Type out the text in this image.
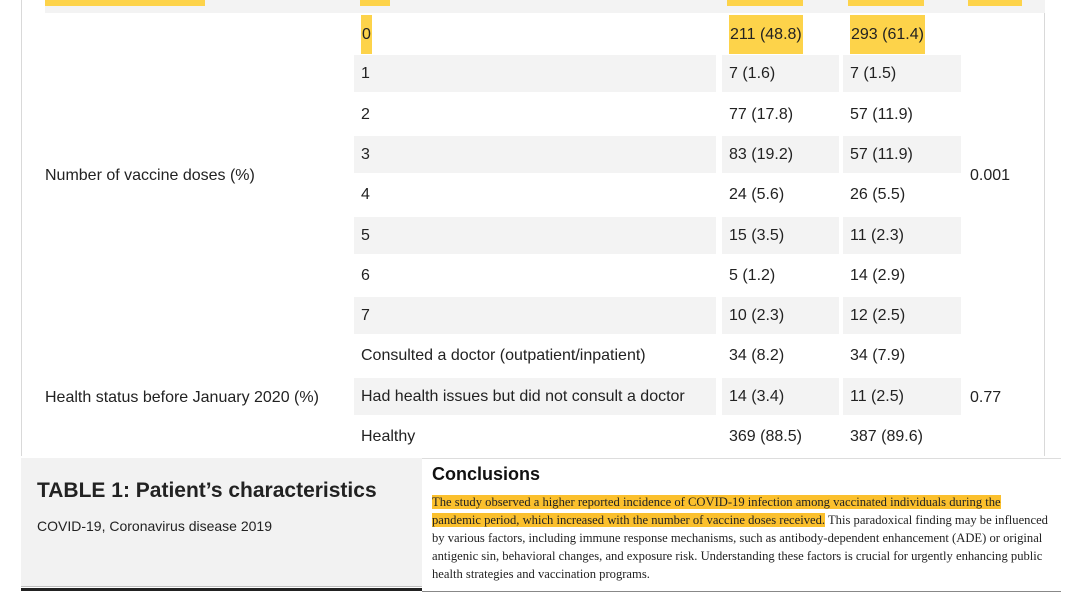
0	211 (48.8)	293 (61.4)
1	7 (1.6)	7 (1.5)
2	77 (17.8)	57 (11.9)
3	83 (19.2)	57 (11.9)
4	24 (5.6)	26 (5.5)
5	15 (3.5)	11 (2.3)
6	5 (1.2)	14 (2.9)
7	10 (2.3)	12 (2.5)
Number of vaccine doses (%)	0.001
Consulted a doctor (outpatient/inpatient)	34 (8.2)	34 (7.9)
Had health issues but did not consult a doctor	14 (3.4)	11 (2.5)
Healthy	369 (88.5)	387 (89.6)
Health status before January 2020 (%)	0.77
TABLE 1: Patient’s characteristics
COVID-19, Coronavirus disease 2019
Conclusions
The study observed a higher reported incidence of COVID-19 infection among vaccinated individuals during the pandemic period, which increased with the number of vaccine doses received. This paradoxical finding may be influenced by various factors, including immune response mechanisms, such as antibody-dependent enhancement (ADE) or original antigenic sin, behavioral changes, and exposure risk. Understanding these factors is crucial for urgently enhancing public health strategies and vaccination programs.
